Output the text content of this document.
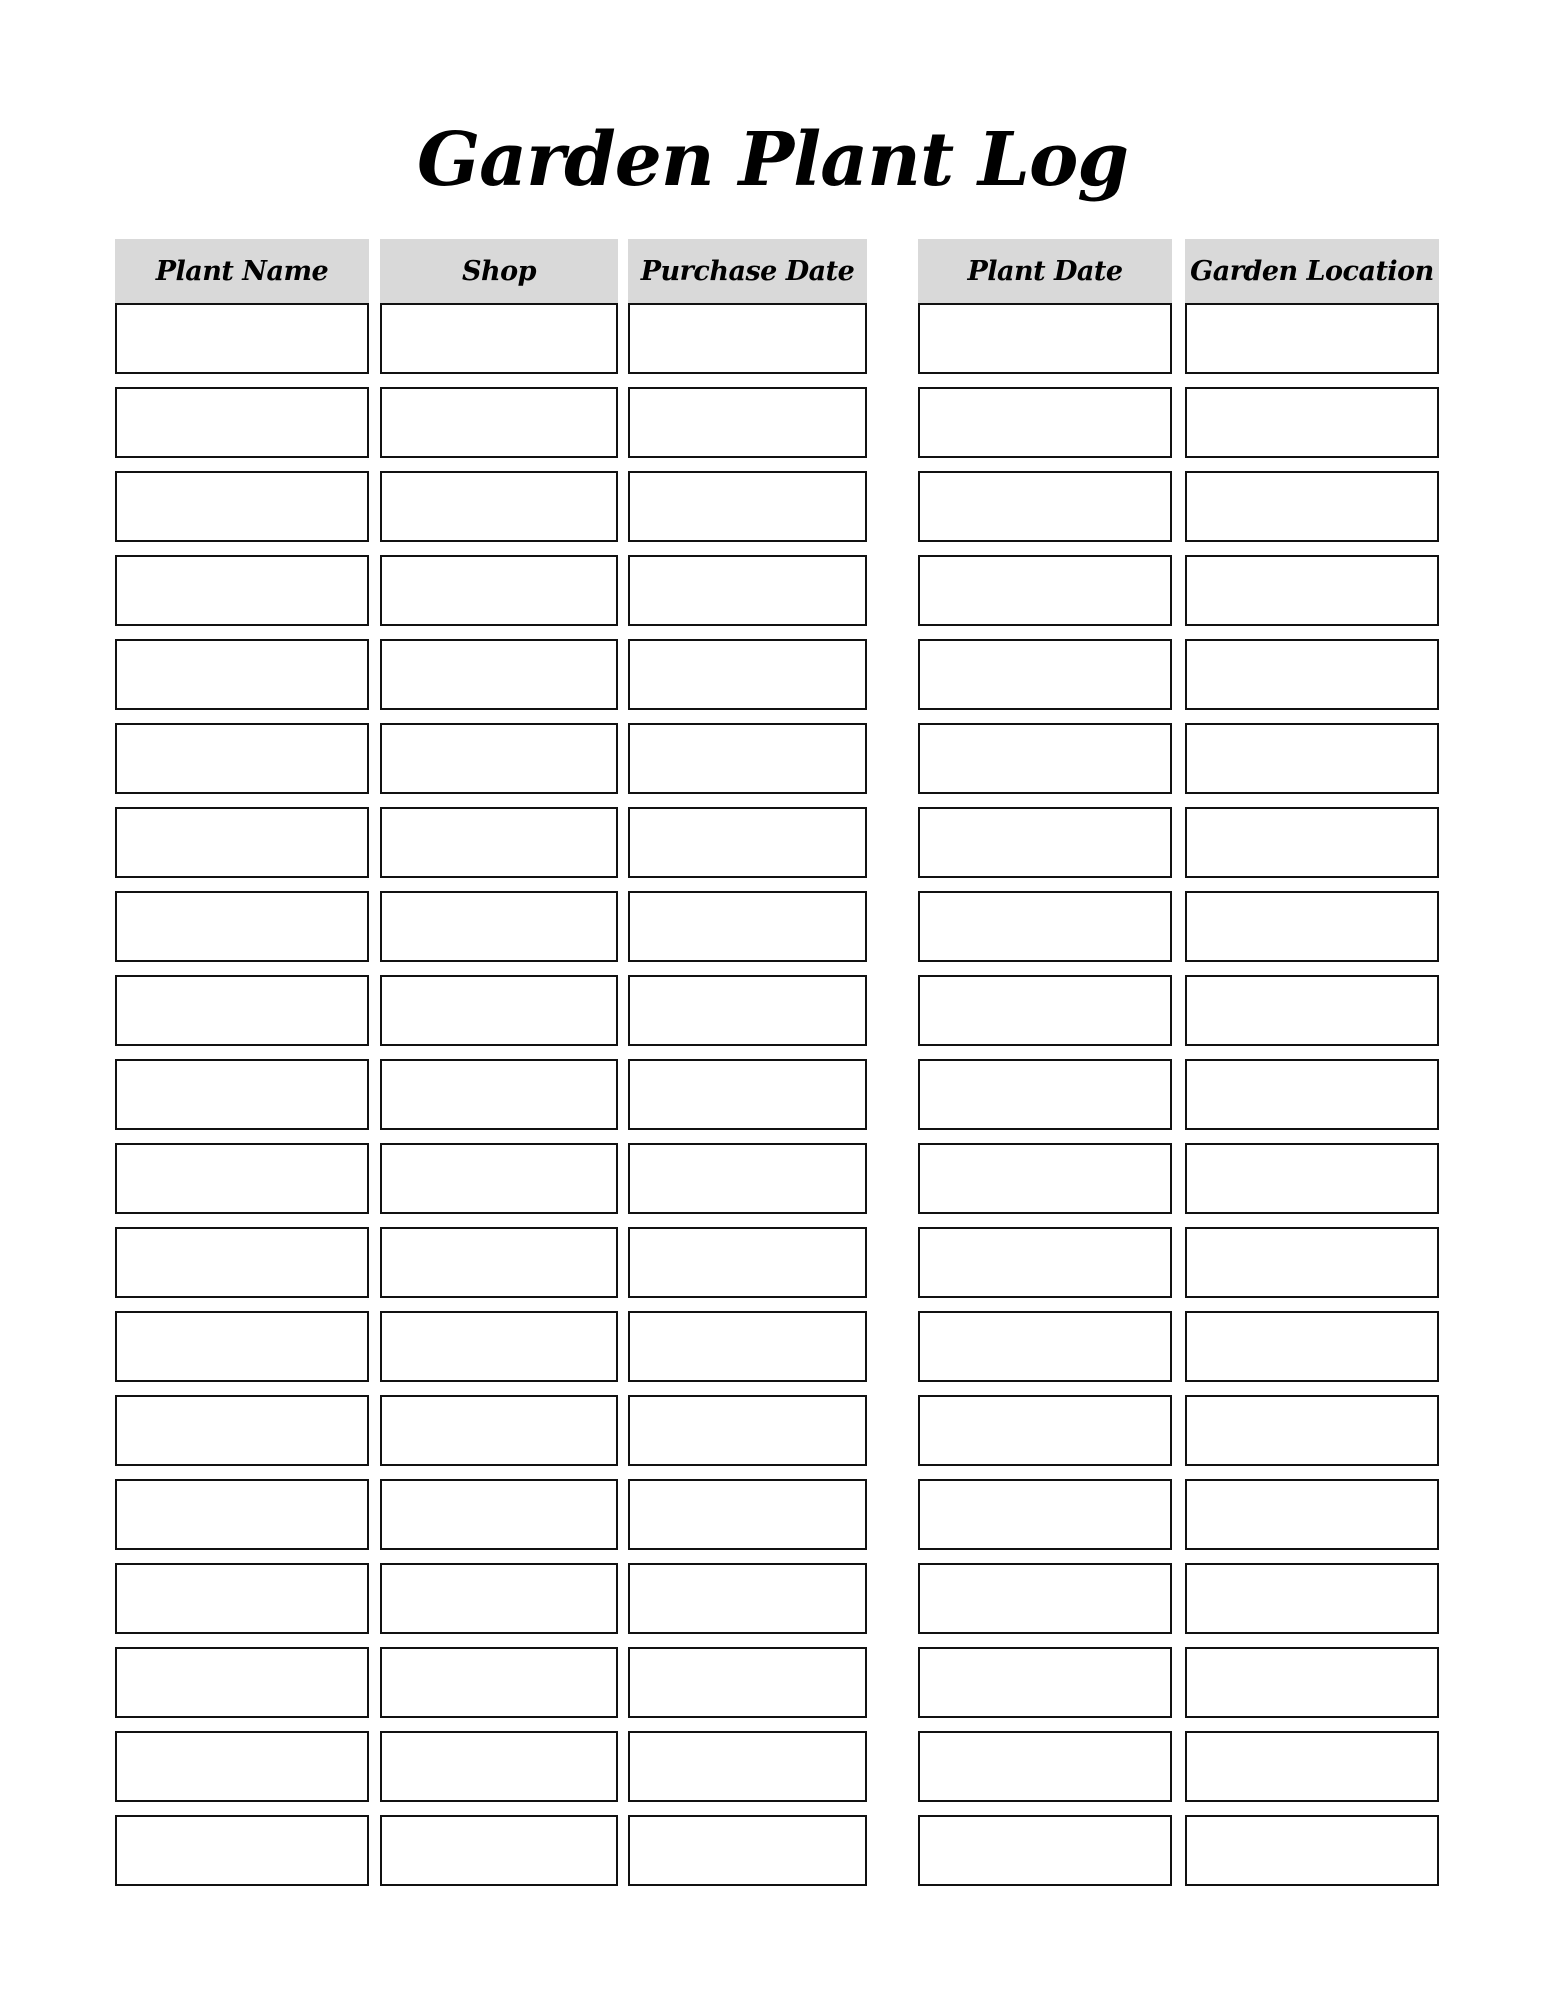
Garden Plant Log
Plant Name	Shop	Purchase Date	Plant Date	Garden Location
